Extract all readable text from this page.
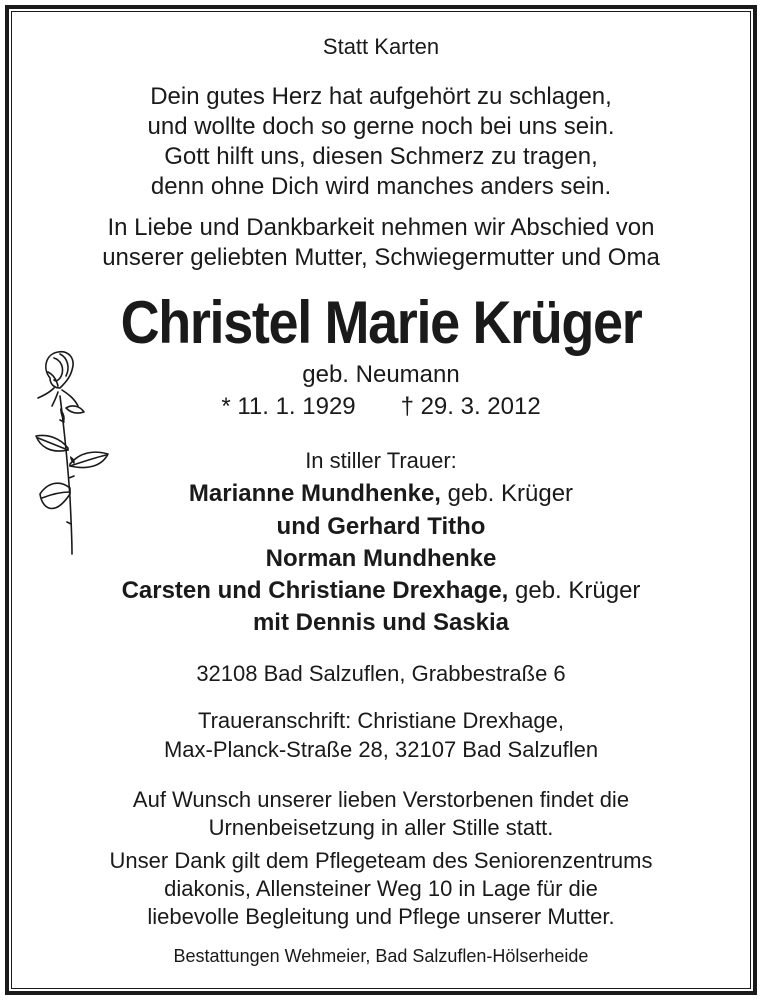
Statt Karten
Dein gutes Herz hat aufgehört zu schlagen,
und wollte doch so gerne noch bei uns sein.
Gott hilft uns, diesen Schmerz zu tragen,
denn ohne Dich wird manches anders sein.
In Liebe und Dankbarkeit nehmen wir Abschied von
unserer geliebten Mutter, Schwiegermutter und Oma
Christel Marie Krüger
geb. Neumann
* 11. 1. 1929 † 29. 3. 2012
In stiller Trauer:
Marianne Mundhenke, geb. Krüger
und Gerhard Titho
Norman Mundhenke
Carsten und Christiane Drexhage, geb. Krüger
mit Dennis und Saskia
32108 Bad Salzuflen, Grabbestraße 6
Traueranschrift: Christiane Drexhage,
Max-Planck-Straße 28, 32107 Bad Salzuflen
Auf Wunsch unserer lieben Verstorbenen findet die
Urnenbeisetzung in aller Stille statt.
Unser Dank gilt dem Pflegeteam des Seniorenzentrums
diakonis, Allensteiner Weg 10 in Lage für die
liebevolle Begleitung und Pflege unserer Mutter.
Bestattungen Wehmeier, Bad Salzuflen-Hölserheide
